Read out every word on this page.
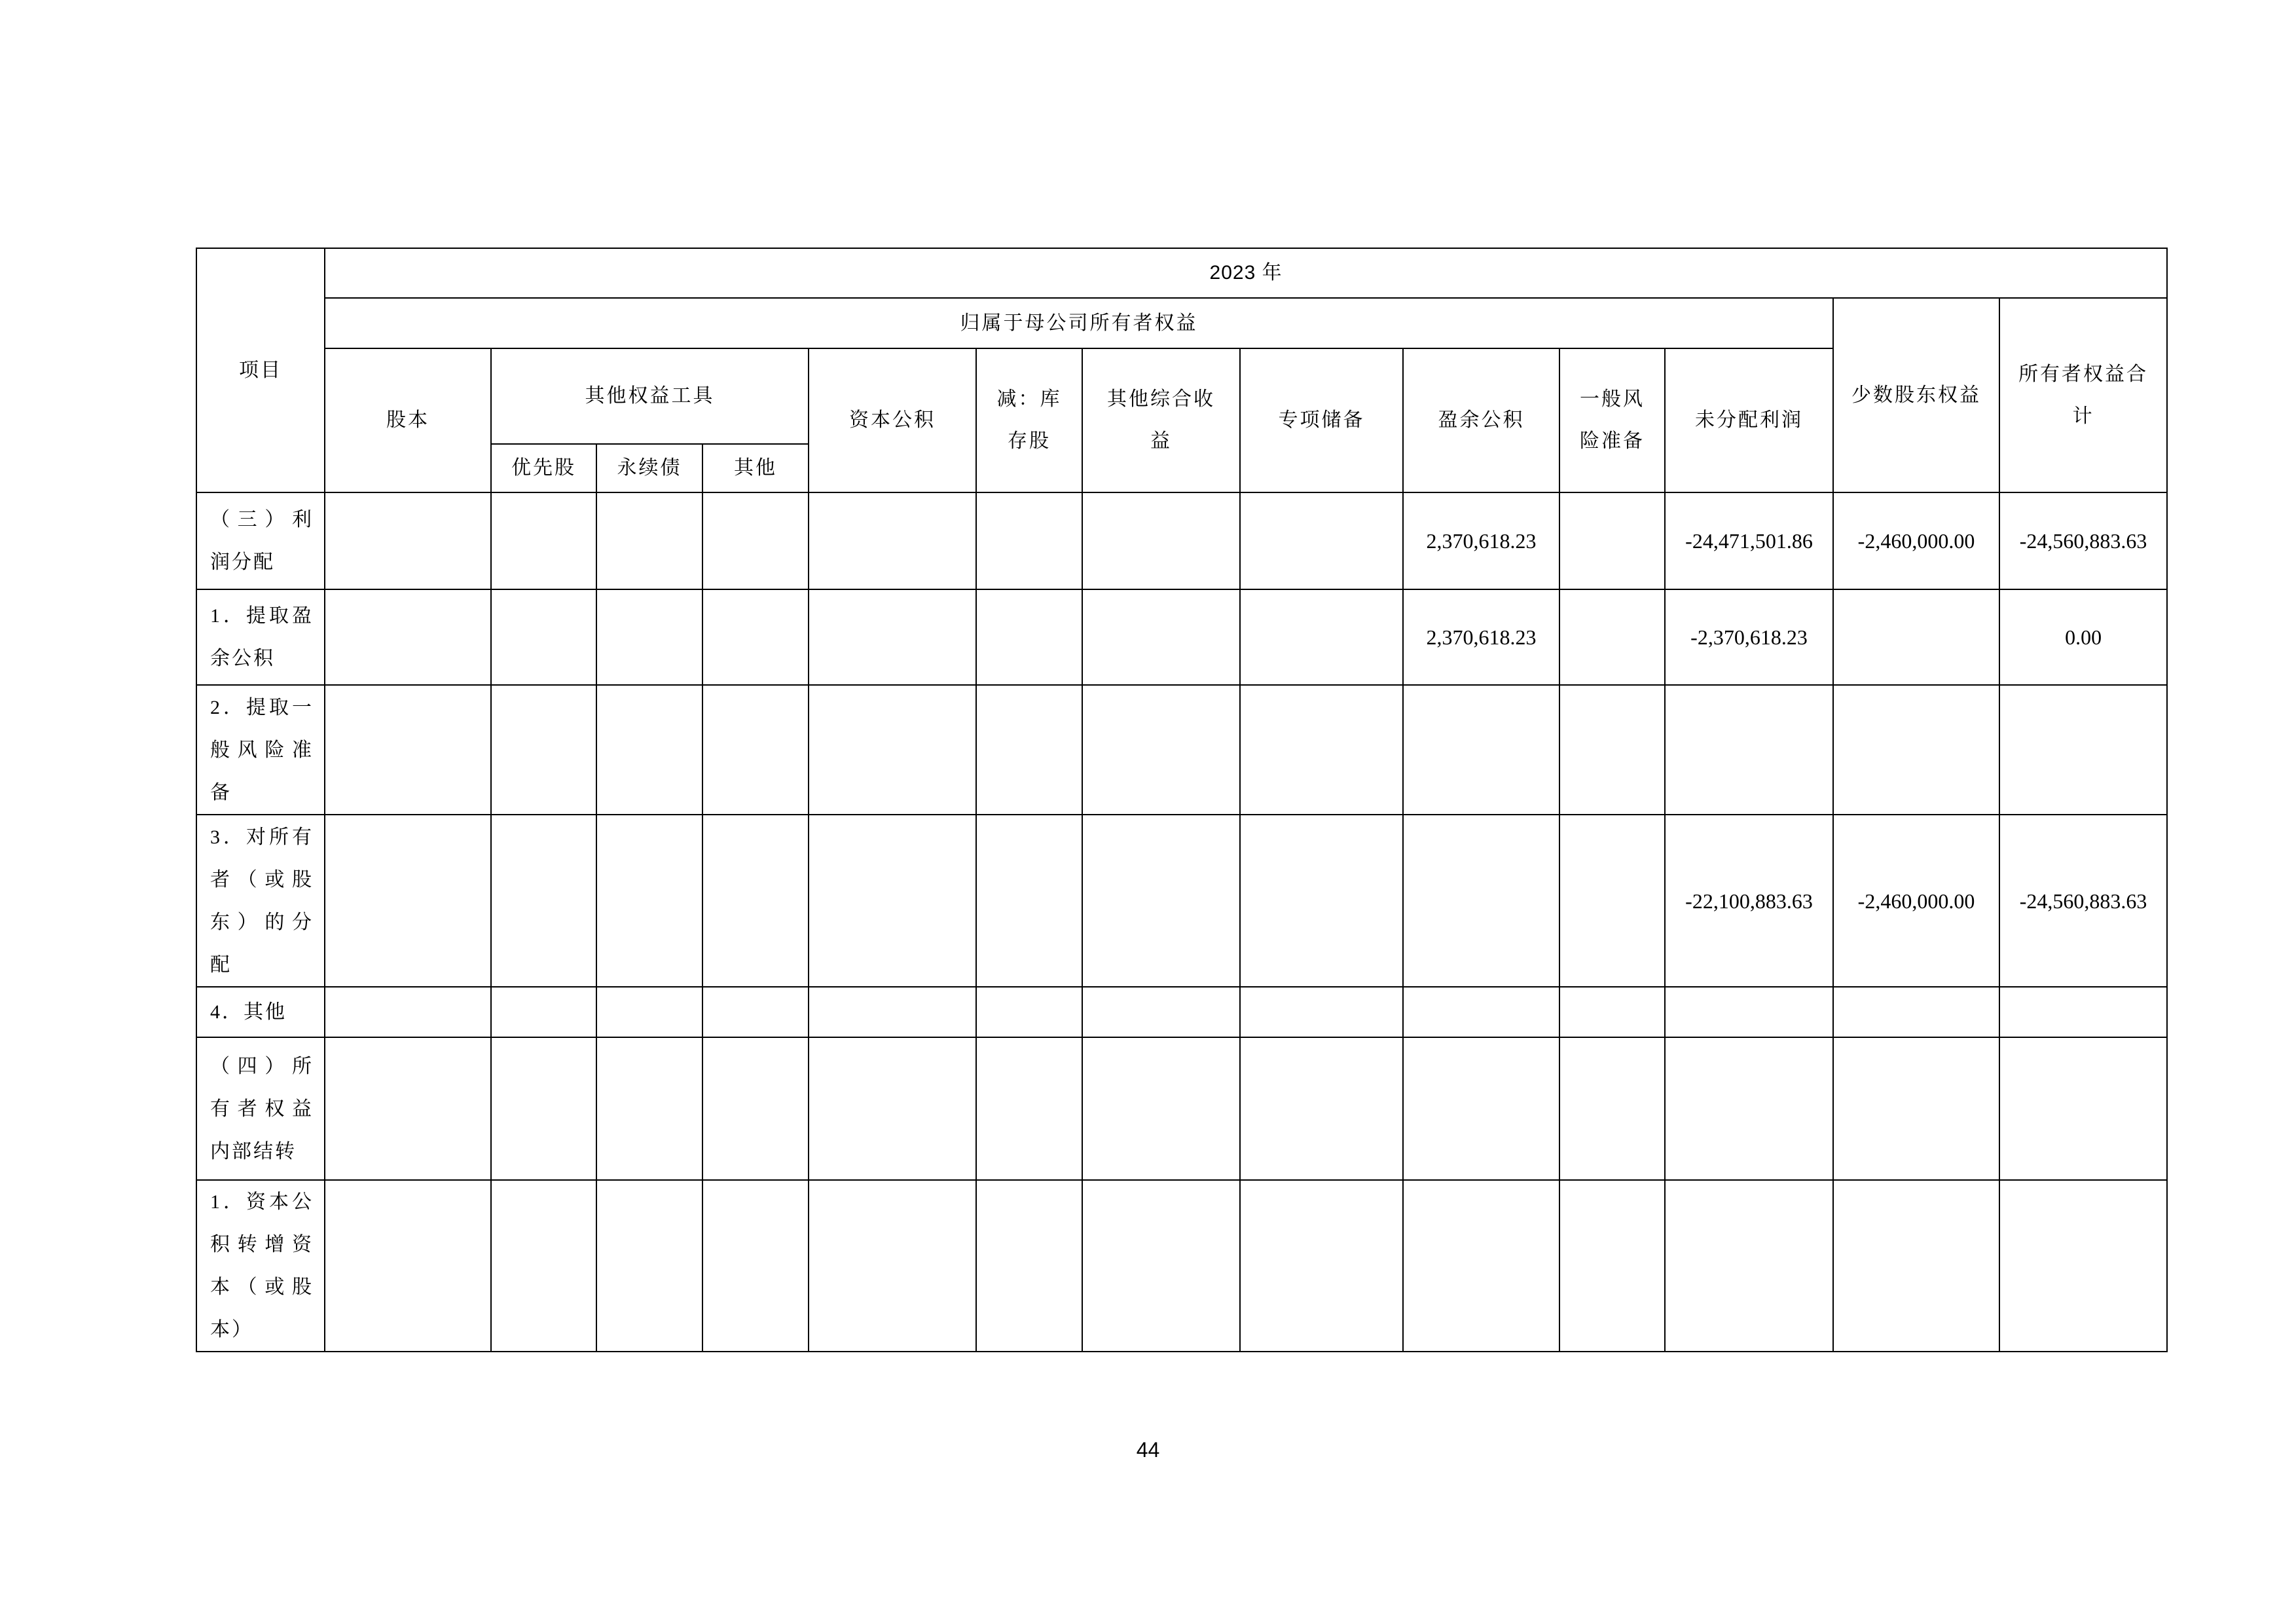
项目	2023 年												
	归属于母公司所有者权益											少数股东权益	所有者权益合计

	股本	其他权益工具			资本公积	减：库存股	其他综合收益	专项储备	盈余公积	一般风险准备	未分配利润		
		优先股	永续债	其他									

（三）利润分配									2,370,618.23		-24,471,501.86	-2,460,000.00	-24,560,883.63

1．提取盈余公积									2,370,618.23		-2,370,618.23		0.00

2．提取一般风险准备													

3．对所有者（或股东）的分配											-22,100,883.63	-2,460,000.00	-24,560,883.63

4．其他													

（四）所有者权益内部结转													

1．资本公积转增资本（或股本）													

44
